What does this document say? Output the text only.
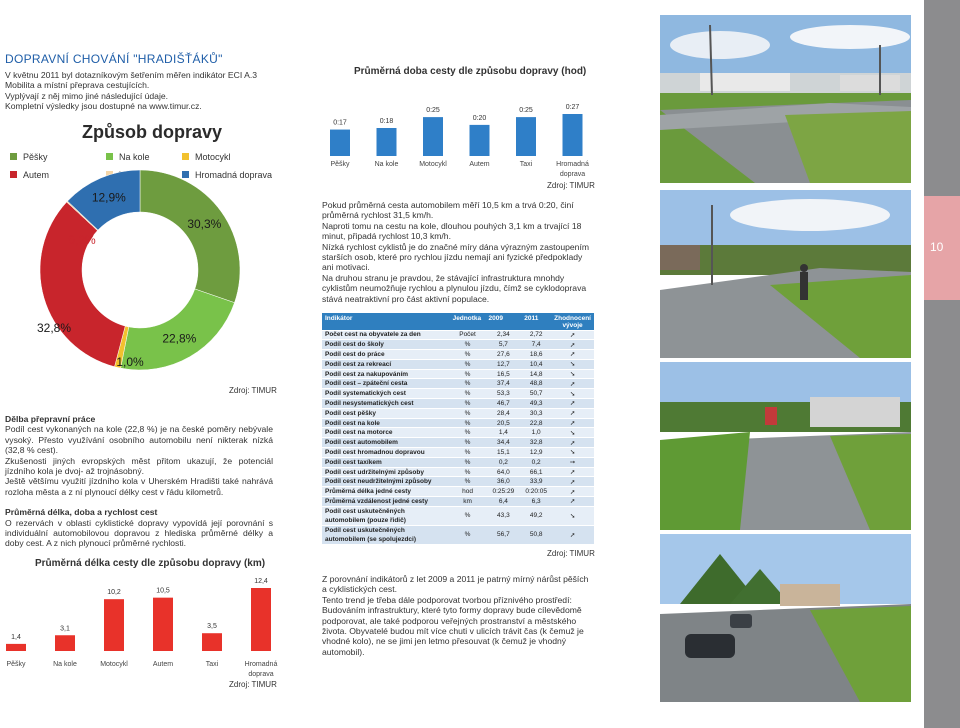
10
DOPRAVNÍ CHOVÁNÍ "HRADIŠŤÁKŮ"
V květnu 2011 byl dotazníkovým šetřením měřen indikátor ECI A.3
Mobilita a místní přeprava cestujících.
Vyplývají z něj mimo jiné následující údaje.
Kompletní výsledky jsou dostupné na www.timur.cz.
Způsob dopravy
Pěšky	Na kole	Motocykl
Autem	Hromadná doprava
30,3%
22,8%
1,0%
32,8%
0,2%
12,9%
Zdroj: TIMUR
Dělba přepravní práce
Podíl cest vykonaných na kole (22,8 %) je na české poměry nebývale vysoký. Přesto využívání osobního automobilu není nikterak nízká (32,8 % cest).
Zkušenosti jiných evropských měst přitom ukazují, že potenciál jízdního kola je dvoj- až trojnásobný.
Ještě většímu využití jízdního kola v Uherském Hradišti také nahrává rozloha města a z ní plynoucí délky cest v řádu kilometrů.
Průměrná délka, doba a rychlost cest
O rezervách v oblasti cyklistické dopravy vypovídá její porovnání s individuální automobilovou dopravou z hlediska průměrné délky a doby cest. A z nich plynoucí průměrné rychlosti.
Průměrná délka cesty dle způsobu dopravy (km)
1,4
Pěšky
3,1
Na kole
10,2
Motocykl
10,5
Autem
3,5
Taxi
12,4
Hromadná doprava
Zdroj: TIMUR
Průměrná doba cesty dle způsobu dopravy (hod)
0:17
Pěšky
0:18
Na kole
0:25
Motocykl
0:20
Autem
0:25
Taxi
0:27
Hromadná doprava
Zdroj: TIMUR
Pokud průměrná cesta automobilem měří 10,5 km a trvá 0:20, činí průměrná rychlost 31,5 km/h.
Naproti tomu na cestu na kole, dlouhou pouhých 3,1 km a trvající 18 minut, připadá rychlost 10,3 km/h.
Nízká rychlost cyklistů je do značné míry dána výrazným zastoupením starších osob, které pro rychlou jízdu nemají ani fyzické předpoklady ani motivaci.
Na druhou stranu je pravdou, že stávající infrastruktura mnohdy cyklistům neumožňuje rychlou a plynulou jízdu, čímž se cyklodoprava stává neatraktivní pro část aktivní populace.
Indikátor	Jednotka	2009	2011	Zhodnocení vývoje
Počet cest na obyvatele za den	Počet	2,34	2,72	➚
Podíl cest do školy	%	5,7	7,4	➚
Podíl cest do práce	%	27,6	18,6	➚
Podíl cest za rekreací	%	12,7	10,4	➘
Podíl cest za nakupováním	%	16,5	14,8	➘
Podíl cest – zpáteční cesta	%	37,4	48,8	➚
Podíl systematických cest	%	53,3	50,7	➘
Podíl nesystematických cest	%	46,7	49,3	➚
Podíl cest pěšky	%	28,4	30,3	➚
Podíl cest na kole	%	20,5	22,8	➚
Podíl cest na motorce	%	1,4	1,0	➘
Podíl cest automobilem	%	34,4	32,8	➚
Podíl cest hromadnou dopravou	%	15,1	12,9	➘
Podíl cest taxíkem	%	0,2	0,2	➙
Podíl cest udržitelnými způsoby	%	64,0	66,1	➚
Podíl cest neudržitelnými způsoby	%	36,0	33,9	➚
Průměrná délka jedné cesty	hod	0:25:29	0:20:05	➚
Průměrná vzdálenost jedné cesty	km	6,4	6,3	➚
Podíl cest uskutečněných automobilem (pouze řidič)	%	43,3	49,2	➘
Podíl cest uskutečněných automobilem (se spolujezdci)	%	56,7	50,8	➚
Zdroj: TIMUR
Z porovnání indikátorů z let 2009 a 2011 je patrný mírný nárůst pěších a cyklistických cest.
Tento trend je třeba dále podporovat tvorbou příznivého prostředí: Budováním infrastruktury, které tyto formy dopravy bude cílevědomě podporovat, ale také podporou veřejných prostranství a městského života. Obyvatelé budou mít více chuti v ulicích trávit čas (k čemuž je vhodné kolo), ne se jimi jen letmo přesouvat (k čemuž je vhodný automobil).
